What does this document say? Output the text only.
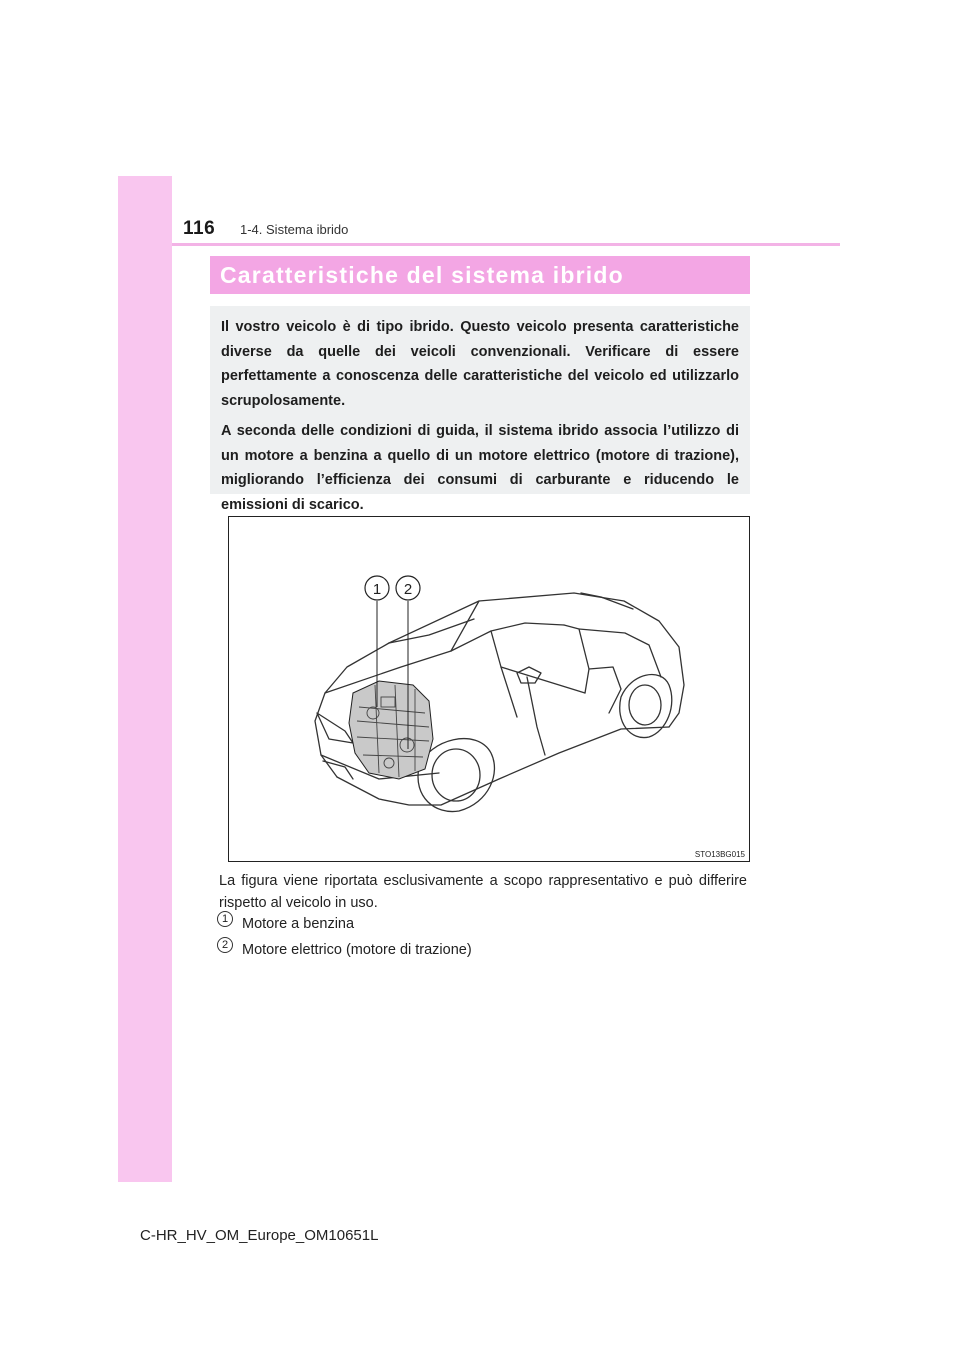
116 1-4. Sistema ibrido
Caratteristiche del sistema ibrido

Il vostro veicolo è di tipo ibrido. Questo veicolo presenta caratteristiche diverse da quelle dei veicoli convenzionali. Verificare di essere perfettamente a conoscenza delle caratteristiche del veicolo ed utilizzarlo scrupolosamente.

A seconda delle condizioni di guida, il sistema ibrido associa l’utilizzo di un motore a benzina a quello di un motore elettrico (motore di trazione), migliorando l’efficienza dei consumi di carburante e riducendo le emissioni di scarico.

1 2
STO13BG015
La figura viene riportata esclusivamente a scopo rappresentativo e può differire rispetto al veicolo in uso.
1 Motore a benzina
2 Motore elettrico (motore di trazione)
C-HR_HV_OM_Europe_OM10651L
